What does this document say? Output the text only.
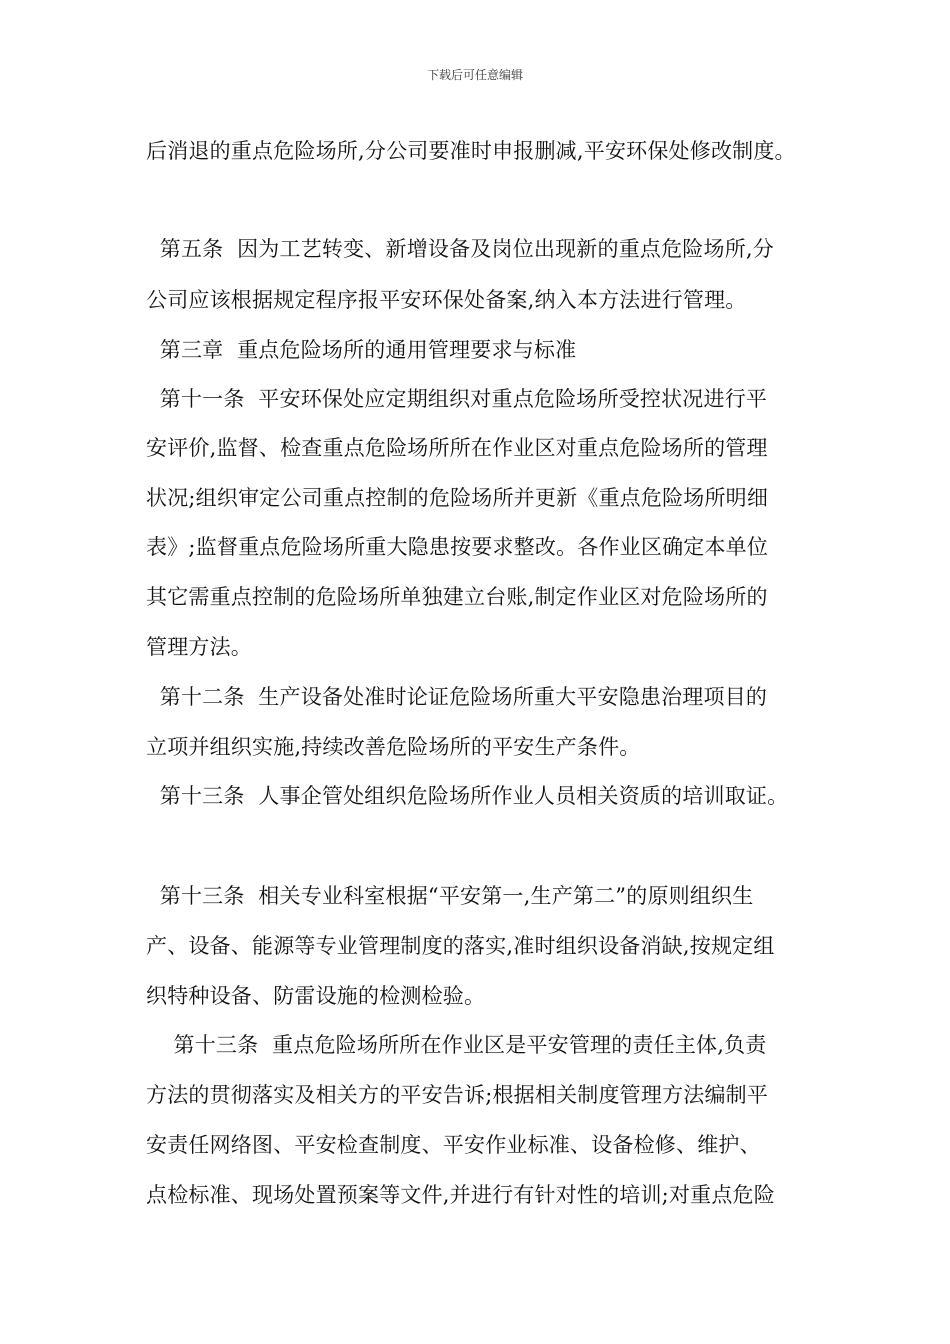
下载后可任意编辑
后消退的重点危险场所,分公司要准时申报删减,平安环保处修改制度。
第五条  因为工艺转变、新增设备及岗位出现新的重点危险场所,分
公司应该根据规定程序报平安环保处备案,纳入本方法进行管理。
第三章  重点危险场所的通用管理要求与标准
第十一条  平安环保处应定期组织对重点危险场所受控状况进行平
安评价,监督、检查重点危险场所所在作业区对重点危险场所的管理
状况;组织审定公司重点控制的危险场所并更新《重点危险场所明细
表》;监督重点危险场所重大隐患按要求整改。各作业区确定本单位
其它需重点控制的危险场所单独建立台账,制定作业区对危险场所的
管理方法。
第十二条  生产设备处准时论证危险场所重大平安隐患治理项目的
立项并组织实施,持续改善危险场所的平安生产条件。
第十三条  人事企管处组织危险场所作业人员相关资质的培训取证。
第十三条  相关专业科室根据“平安第一,生产第二”的原则组织生
产、设备、能源等专业管理制度的落实,准时组织设备消缺,按规定组
织特种设备、防雷设施的检测检验。
第十三条  重点危险场所所在作业区是平安管理的责任主体,负责
方法的贯彻落实及相关方的平安告诉;根据相关制度管理方法编制平
安责任网络图、平安检查制度、平安作业标准、设备检修、维护、
点检标准、现场处置预案等文件,并进行有针对性的培训;对重点危险
